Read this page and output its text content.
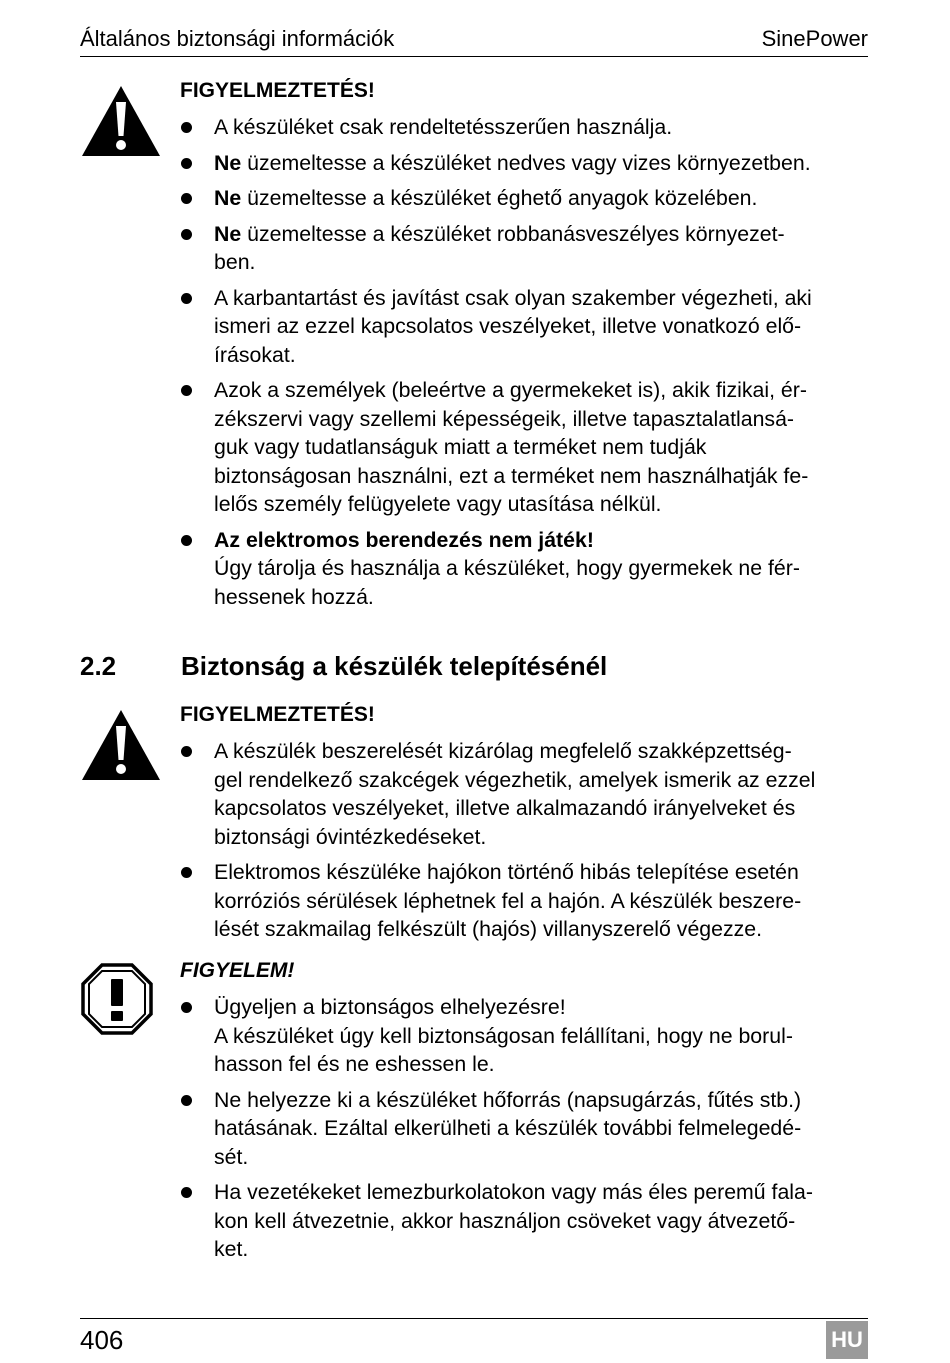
Általános biztonsági információk	SinePower
FIGYELMEZTETÉS!
A készüléket csak rendeltetésszerűen használja.
Ne üzemeltesse a készüléket nedves vagy vizes környezetben.
Ne üzemeltesse a készüléket éghető anyagok közelében.
Ne üzemeltesse a készüléket robbanásveszélyes környezet-
ben.
A karbantartást és javítást csak olyan szakember végezheti, aki
ismeri az ezzel kapcsolatos veszélyeket, illetve vonatkozó elő-
írásokat.
Azok a személyek (beleértve a gyermekeket is), akik fizikai, ér-
zékszervi vagy szellemi képességeik, illetve tapasztalatlansá-
guk vagy tudatlanságuk miatt a terméket nem tudják
biztonságosan használni, ezt a terméket nem használhatják fe-
lelős személy felügyelete vagy utasítása nélkül.
Az elektromos berendezés nem játék!
Úgy tárolja és használja a készüléket, hogy gyermekek ne fér-
hessenek hozzá.
2.2 Biztonság a készülék telepítésénél
FIGYELMEZTETÉS!
A készülék beszerelését kizárólag megfelelő szakképzettség-
gel rendelkező szakcégek végezhetik, amelyek ismerik az ezzel
kapcsolatos veszélyeket, illetve alkalmazandó irányelveket és
biztonsági óvintézkedéseket.
Elektromos készüléke hajókon történő hibás telepítése esetén
korróziós sérülések léphetnek fel a hajón. A készülék beszere-
lését szakmailag felkészült (hajós) villanyszerelő végezze.
FIGYELEM!
Ügyeljen a biztonságos elhelyezésre!
A készüléket úgy kell biztonságosan felállítani, hogy ne borul-
hasson fel és ne eshessen le.
Ne helyezze ki a készüléket hőforrás (napsugárzás, fűtés stb.)
hatásának. Ezáltal elkerülheti a készülék további felmelegedé-
sét.
Ha vezetékeket lemezburkolatokon vagy más éles peremű fala-
kon kell átvezetnie, akkor használjon csöveket vagy átvezető-
ket.
406	HU
